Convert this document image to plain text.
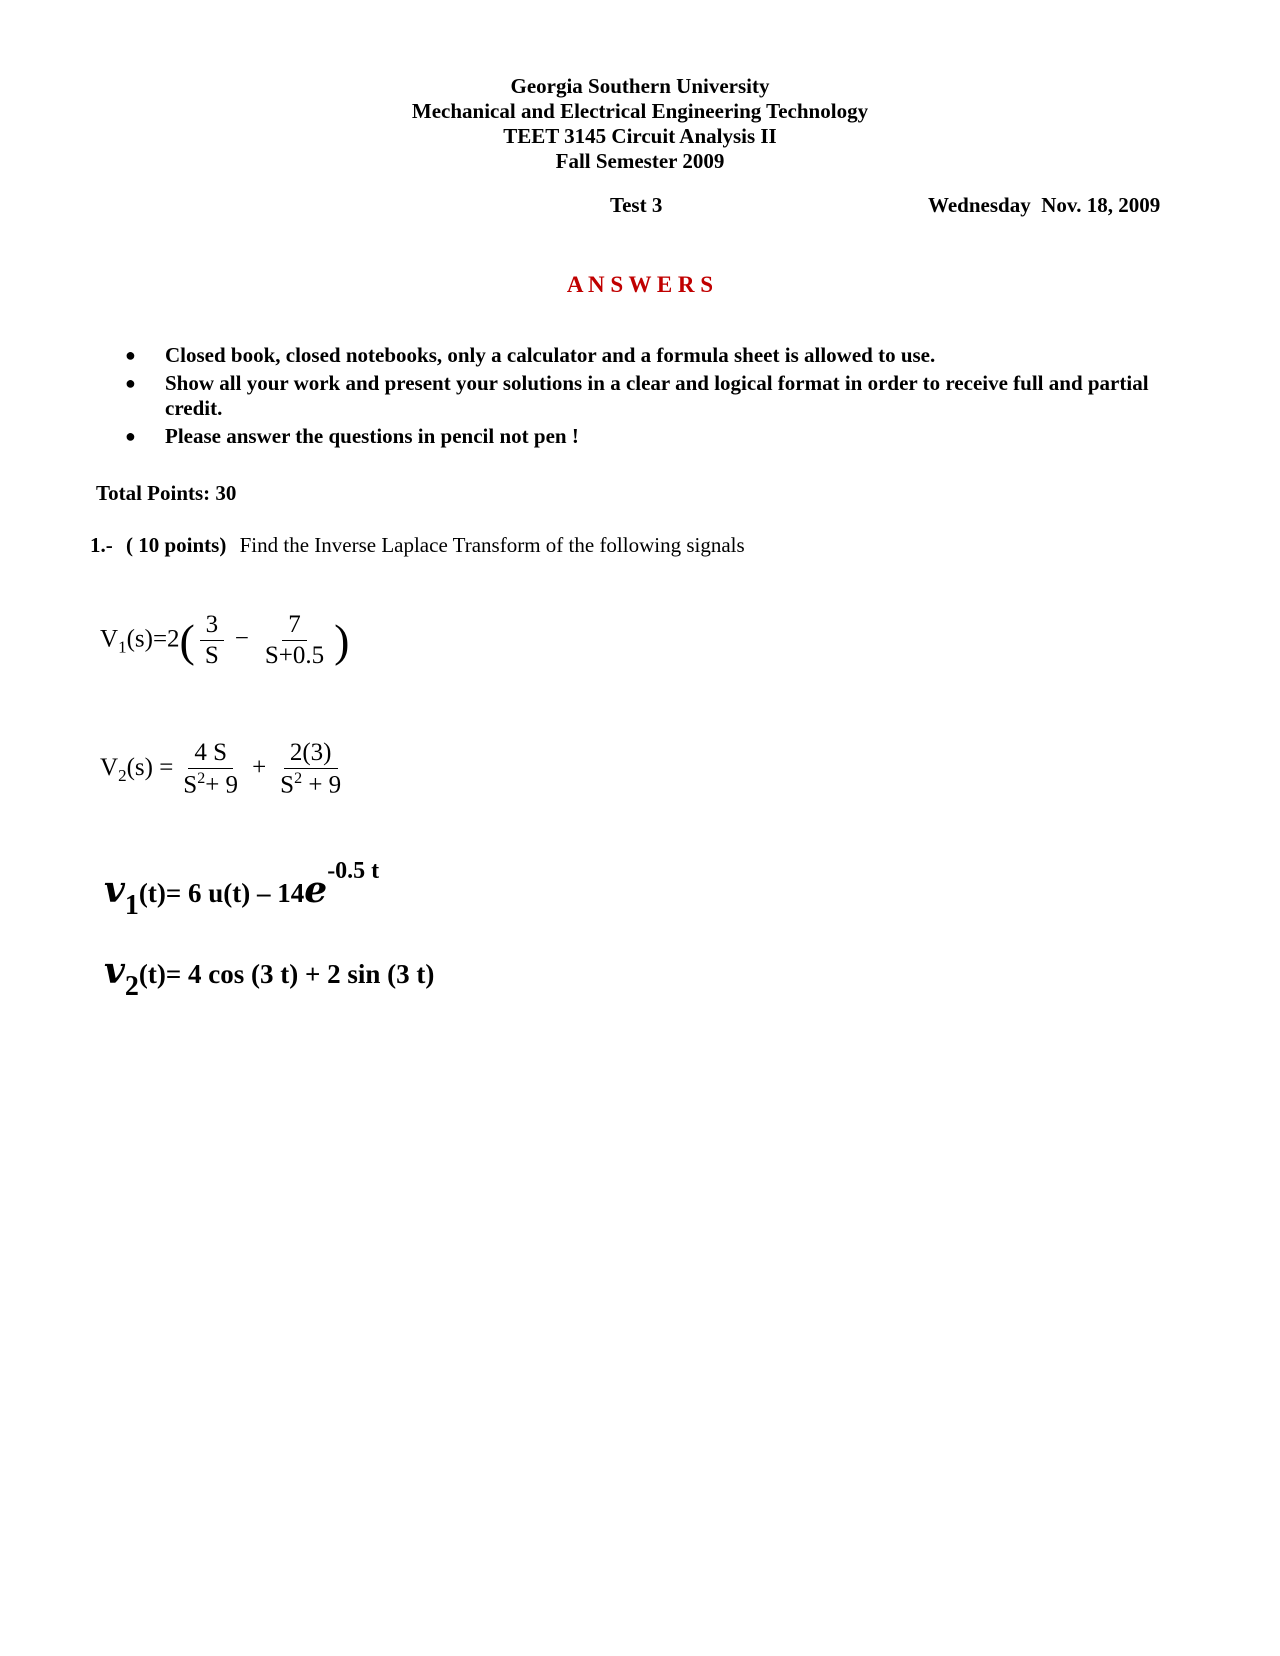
Georgia Southern University
Mechanical and Electrical Engineering Technology
TEET 3145 Circuit Analysis II
Fall Semester 2009
Test 3	Wednesday  Nov. 18, 2009
A N S W E R S
●	Closed book, closed notebooks, only a calculator and a formula sheet is allowed to use.
●	Show all your work and present your solutions in a clear and logical format in order to receive full and partial credit.
●	Please answer the questions in pencil not pen !
Total Points: 30
1.- ( 10 points) Find the Inverse Laplace Transform of the following signals
$V_1(s)=2( \frac{3}{S} - \frac{7}{S+0.5}$ )
$V_2(s) = \frac{4 S}{S^2+ 9} + \frac{2(3)}{S^2 + 9}$
v1(t)= 6 u(t) – 14e-0.5 t
v2(t)= 4 cos (3 t) + 2 sin (3 t)
